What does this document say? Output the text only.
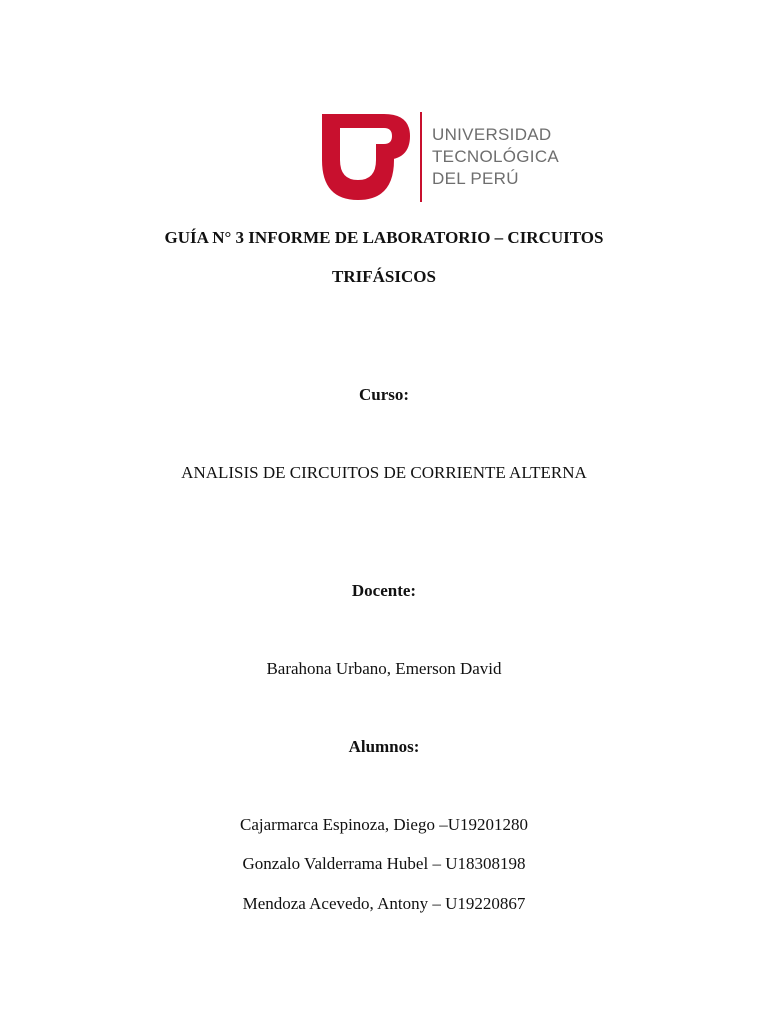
UNIVERSIDAD
TECNOLÓGICA
DEL PERÚ
GUÍA N° 3 INFORME DE LABORATORIO – CIRCUITOS
TRIFÁSICOS
Curso:
ANALISIS DE CIRCUITOS DE CORRIENTE ALTERNA
Docente:
Barahona Urbano, Emerson David
Alumnos:
Cajarmarca Espinoza, Diego –U19201280
Gonzalo Valderrama Hubel – U18308198
Mendoza Acevedo, Antony – U19220867
